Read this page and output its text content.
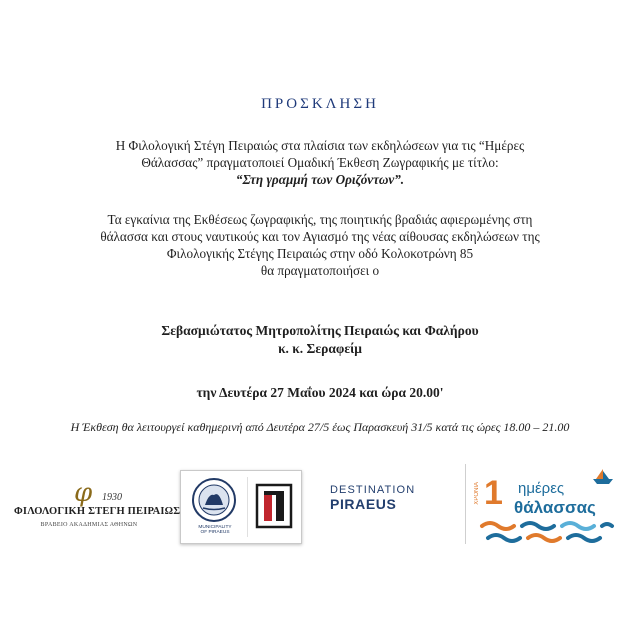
ΠΡΟΣΚΛΗΣΗ
Η Φιλολογική Στέγη Πειραιώς στα πλαίσια των εκδηλώσεων για τις “Ημέρες
Θάλασσας” πραγματοποιεί Ομαδική Έκθεση Ζωγραφικής με τίτλο:
“Στη γραμμή των Οριζόντων”.
Τα εγκαίνια της Εκθέσεως ζωγραφικής, της ποιητικής βραδιάς αφιερωμένης στη
θάλασσα και στους ναυτικούς και τον Αγιασμό της νέας αίθουσας εκδηλώσεων της
Φιλολογικής Στέγης Πειραιώς στην οδό Κολοκοτρώνη 85
θα πραγματοποιήσει ο
Σεβασμιώτατος Μητροπολίτης Πειραιώς και Φαλήρου
κ. κ. Σεραφείμ
την Δευτέρα 27 Μαΐου 2024 και ώρα 20.00'
Η Έκθεση θα λειτουργεί καθημερινή από Δευτέρα 27/5 έως Παρασκευή 31/5 κατά τις ώρες 18.00 – 21.00
φ 1930
ΦΙΛΟΛΟΓΙΚΗ ΣΤΕΓΗ ΠΕΙΡΑΙΩΣ
ΒΡΑΒΕΙΟ ΑΚΑΔΗΜΙΑΣ ΑΘΗΝΩΝ	MUNICIPALITY
OF PIRAEUS
DESTINATION
PIRAEUS	ΧΡΟΝΙΑ 1 ημέρες
θάλασσας
